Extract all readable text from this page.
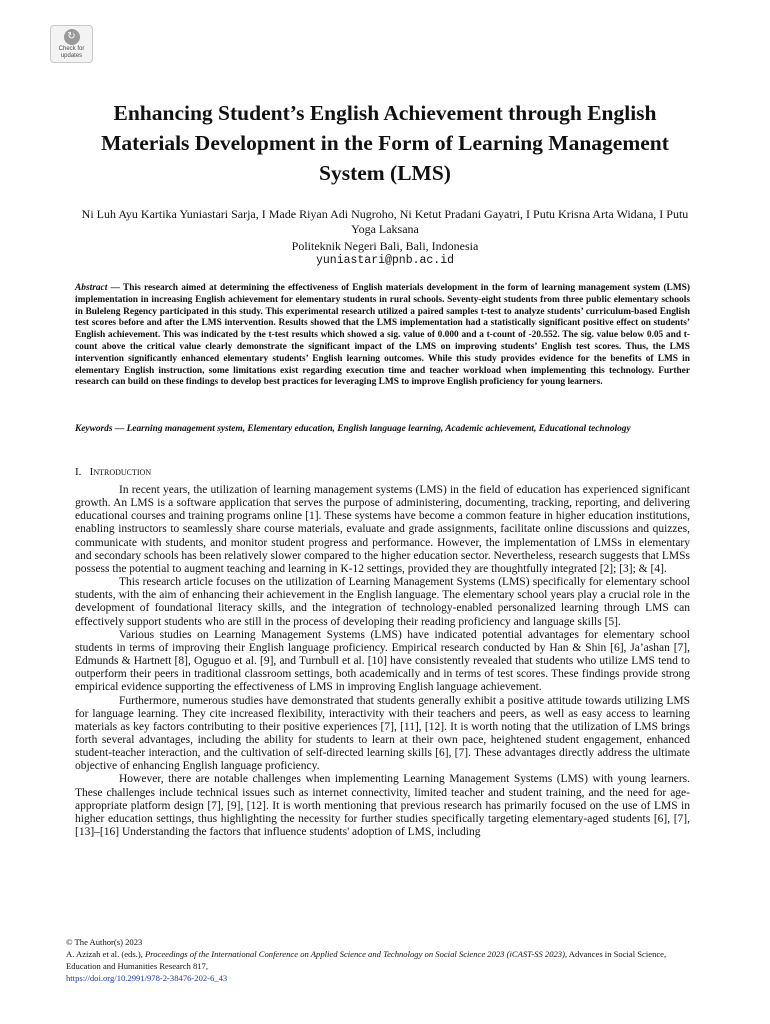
↻
Check for updates
Enhancing Student’s English Achievement through English Materials Development in the Form of Learning Management System (LMS)
Ni Luh Ayu Kartika Yuniastari Sarja, I Made Riyan Adi Nugroho, Ni Ketut Pradani Gayatri, I Putu Krisna Arta Widana, I Putu Yoga Laksana
Politeknik Negeri Bali, Bali, Indonesia
yuniastari@pnb.ac.id

Abstract — This research aimed at determining the effectiveness of English materials development in the form of learning management system (LMS) implementation in increasing English achievement for elementary students in rural schools. Seventy-eight students from three public elementary schools in Buleleng Regency participated in this study. This experimental research utilized a paired samples t-test to analyze students’ curriculum-based English test scores before and after the LMS intervention. Results showed that the LMS implementation had a statistically significant positive effect on students’ English achievement. This was indicated by the t-test results which showed a sig. value of 0.000 and a t-count of -20.552. The sig. value below 0.05 and t-count above the critical value clearly demonstrate the significant impact of the LMS on improving students’ English test scores. Thus, the LMS intervention significantly enhanced elementary students’ English learning outcomes. While this study provides evidence for the benefits of LMS in elementary English instruction, some limitations exist regarding execution time and teacher workload when implementing this technology. Further research can build on these findings to develop best practices for leveraging LMS to improve English proficiency for young learners.

Keywords — Learning management system, Elementary education, English language learning, Academic achievement, Educational technology

I. Introduction

In recent years, the utilization of learning management systems (LMS) in the field of education has experienced significant growth. An LMS is a software application that serves the purpose of administering, documenting, tracking, reporting, and delivering educational courses and training programs online [1]. These systems have become a common feature in higher education institutions, enabling instructors to seamlessly share course materials, evaluate and grade assignments, facilitate online discussions and quizzes, communicate with students, and monitor student progress and performance. However, the implementation of LMSs in elementary and secondary schools has been relatively slower compared to the higher education sector. Nevertheless, research suggests that LMSs possess the potential to augment teaching and learning in K-12 settings, provided they are thoughtfully integrated [2]; [3]; & [4].

This research article focuses on the utilization of Learning Management Systems (LMS) specifically for elementary school students, with the aim of enhancing their achievement in the English language. The elementary school years play a crucial role in the development of foundational literacy skills, and the integration of technology-enabled personalized learning through LMS can effectively support students who are still in the process of developing their reading proficiency and language skills [5].

Various studies on Learning Management Systems (LMS) have indicated potential advantages for elementary school students in terms of improving their English language proficiency. Empirical research conducted by Han & Shin [6], Ja’ashan [7], Edmunds & Hartnett [8], Oguguo et al. [9], and Turnbull et al. [10] have consistently revealed that students who utilize LMS tend to outperform their peers in traditional classroom settings, both academically and in terms of test scores. These findings provide strong empirical evidence supporting the effectiveness of LMS in improving English language achievement.

Furthermore, numerous studies have demonstrated that students generally exhibit a positive attitude towards utilizing LMS for language learning. They cite increased flexibility, interactivity with their teachers and peers, as well as easy access to learning materials as key factors contributing to their positive experiences [7], [11], [12]. It is worth noting that the utilization of LMS brings forth several advantages, including the ability for students to learn at their own pace, heightened student engagement, enhanced student-teacher interaction, and the cultivation of self-directed learning skills [6], [7]. These advantages directly address the ultimate objective of enhancing English language proficiency.

However, there are notable challenges when implementing Learning Management Systems (LMS) with young learners. These challenges include technical issues such as internet connectivity, limited teacher and student training, and the need for age-appropriate platform design [7], [9], [12]. It is worth mentioning that previous research has primarily focused on the use of LMS in higher education settings, thus highlighting the necessity for further studies specifically targeting elementary-aged students [6], [7], [13]–[16] Understanding the factors that influence students' adoption of LMS, including

© The Author(s) 2023
A. Azizah et al. (eds.), Proceedings of the International Conference on Applied Science and Technology on Social Science 2023 (iCAST-SS 2023), Advances in Social Science, Education and Humanities Research 817,
https://doi.org/10.2991/978-2-38476-202-6_43
